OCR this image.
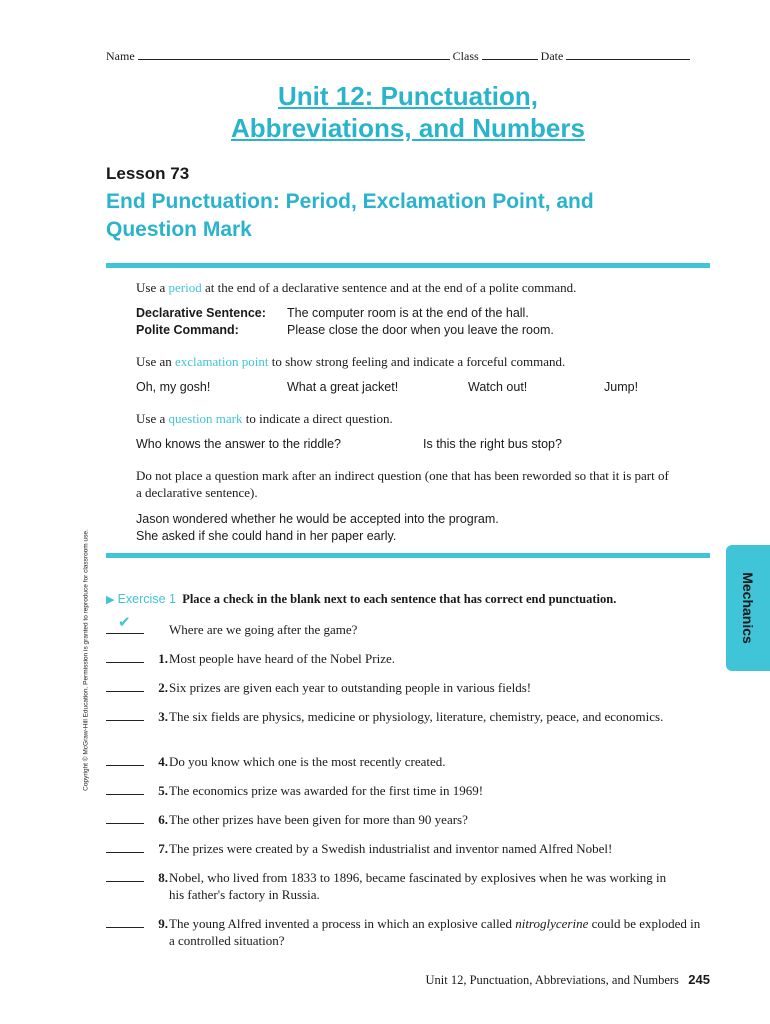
Name	Class	Date
Unit 12: Punctuation,
Abbreviations, and Numbers
Lesson 73
End Punctuation: Period, Exclamation Point, and
Question Mark
Use a period at the end of a declarative sentence and at the end of a polite command.
Declarative Sentence: The computer room is at the end of the hall.
Polite Command:	Please close the door when you leave the room.
Use an exclamation point to show strong feeling and indicate a forceful command.
Oh, my gosh!	What a great jacket!	Watch out!	Jump!
Use a question mark to indicate a direct question.
Who knows the answer to the riddle?	Is this the right bus stop?
Do not place a question mark after an indirect question (one that has been reworded so that it is part of a declarative sentence).
Jason wondered whether he would be accepted into the program.
She asked if she could hand in her paper early.
Mechanics
Copyright © McGraw-Hill Education. Permission is granted to reproduce for classroom use. ▶ Exercise 1 Place a check in the blank next to each sentence that has correct end punctuation.
✔	Where are we going after the game?
1. Most people have heard of the Nobel Prize.
2. Six prizes are given each year to outstanding people in various fields!
3. The six fields are physics, medicine or physiology, literature, chemistry, peace, and economics.
4. Do you know which one is the most recently created.
5. The economics prize was awarded for the first time in 1969!
6. The other prizes have been given for more than 90 years?
7. The prizes were created by a Swedish industrialist and inventor named Alfred Nobel!
8. Nobel, who lived from 1833 to 1896, became fascinated by explosives when he was working in his father's factory in Russia.
9. The young Alfred invented a process in which an explosive called nitroglycerine could be exploded in a controlled situation?
Unit 12, Punctuation, Abbreviations, and Numbers 245
